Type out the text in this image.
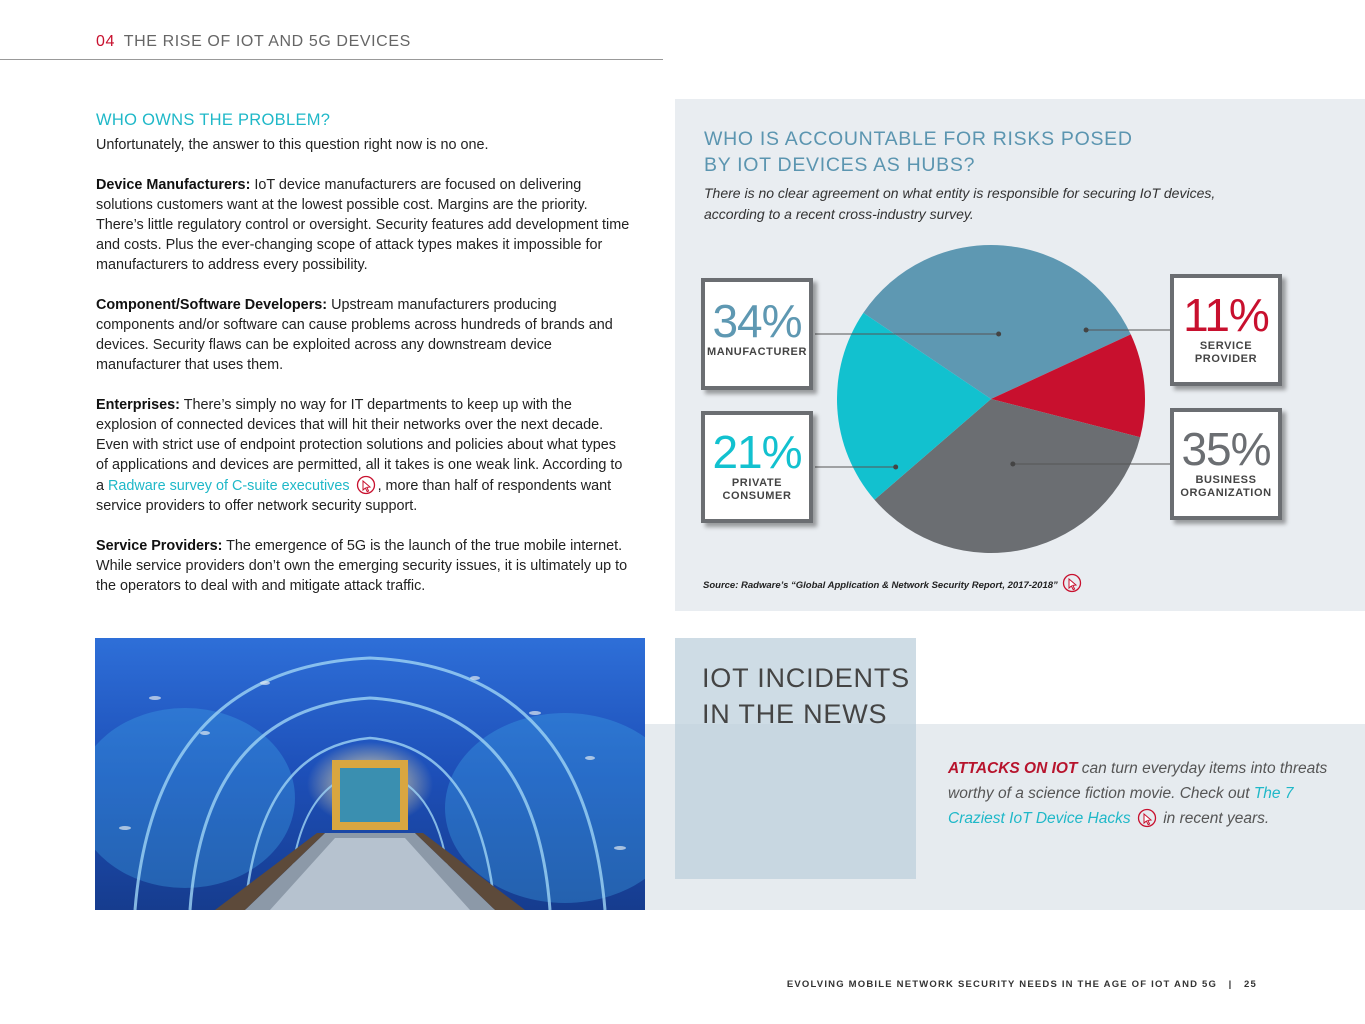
04 THE RISE OF IOT AND 5G DEVICES
WHO OWNS THE PROBLEM?

Unfortunately, the answer to this question right now is no one.

Device Manufacturers: IoT device manufacturers are focused on delivering solutions customers want at the lowest possible cost. Margins are the priority. There’s little regulatory control or oversight. Security features add development time and costs. Plus the ever-changing scope of attack types makes it impossible for manufacturers to address every possibility.

Component/Software Developers: Upstream manufacturers producing components and/or software can cause problems across hundreds of brands and devices. Security flaws can be exploited across any downstream device manufacturer that uses them.

Enterprises: There’s simply no way for IT departments to keep up with the explosion of connected devices that will hit their networks over the next decade. Even with strict use of endpoint protection solutions and policies about what types of applications and devices are permitted, all it takes is one weak link. According to a Radware survey of C-suite executives , more than half of respondents want service providers to offer network security support.

Service Providers: The emergence of 5G is the launch of the true mobile internet. While service providers don’t own the emerging security issues, it is ultimately up to the operators to deal with and mitigate attack traffic.

WHO IS ACCOUNTABLE FOR RISKS POSED
BY IOT DEVICES AS HUBS?
There is no clear agreement on what entity is responsible for securing IoT devices, according to a recent cross-industry survey.
34%
MANUFACTURER
11%
SERVICE
PROVIDER
35%
BUSINESS
ORGANIZATION
21%
PRIVATE
CONSUMER
Source: Radware’s “Global Application & Network Security Report, 2017-2018”
IOT INCIDENTS
IN THE NEWS
ATTACKS ON IOT can turn everyday items into threats worthy of a science fiction movie. Check out The 7 Craziest IoT Device Hacks  in recent years.
EVOLVING MOBILE NETWORK SECURITY NEEDS IN THE AGE OF IOT AND 5G   |   25
